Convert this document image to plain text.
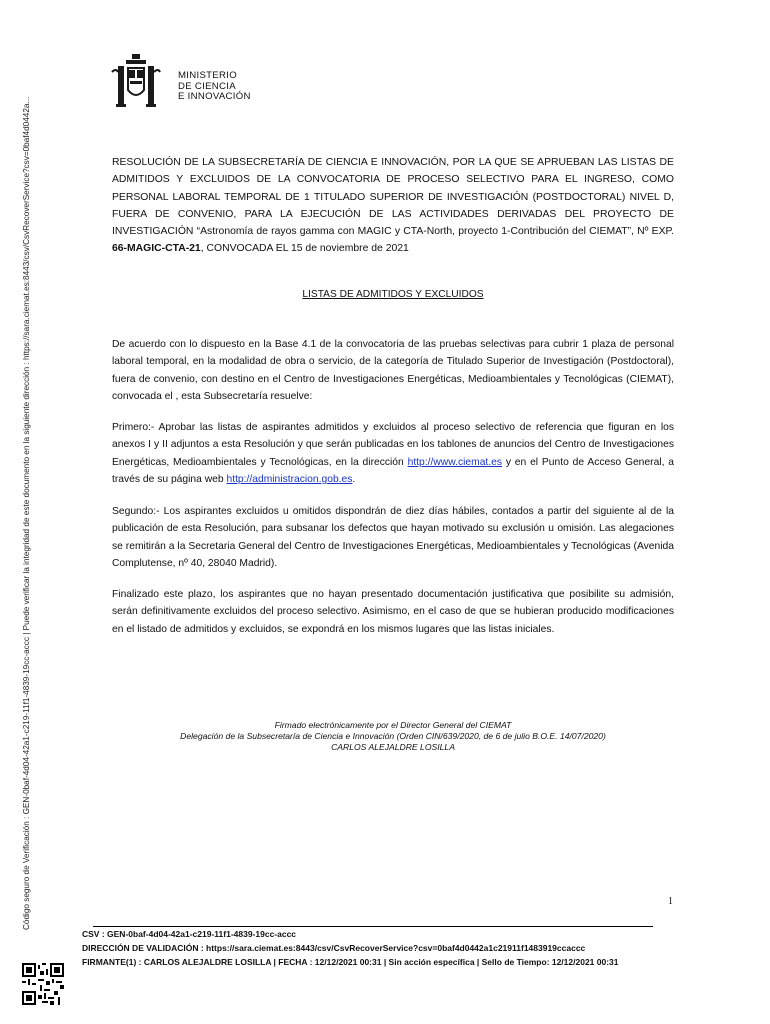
Código seguro de Verificación : GEN-0baf-4d04-42a1-c219-11f1-4839-19cc-accc | Puede verificar la integridad de este documento en la siguiente dirección : https://sara.ciemat.es:8443/csv/CsvRecoverService?csv=0baf4d0442a...
MINISTERIO
DE CIENCIA
E INNOVACIÓN
RESOLUCIÓN DE LA SUBSECRETARÍA DE CIENCIA E INNOVACIÓN, POR LA QUE SE APRUEBAN LAS LISTAS DE ADMITIDOS Y EXCLUIDOS DE LA CONVOCATORIA DE PROCESO SELECTIVO PARA EL INGRESO, COMO PERSONAL LABORAL TEMPORAL DE 1 TITULADO SUPERIOR DE INVESTIGACIÓN (POSTDOCTORAL) NIVEL D, FUERA DE CONVENIO, PARA LA EJECUCIÓN DE LAS ACTIVIDADES DERIVADAS DEL PROYECTO DE INVESTIGACIÓN “Astronomía de rayos gamma con MAGIC y CTA-North, proyecto 1-Contribución del CIEMAT”, Nº EXP. 66-MAGIC-CTA-21, CONVOCADA EL 15 de noviembre de 2021
LISTAS DE ADMITIDOS Y EXCLUIDOS
De acuerdo con lo dispuesto en la Base 4.1 de la convocatoria de las pruebas selectivas para cubrir 1 plaza de personal laboral temporal, en la modalidad de obra o servicio, de la categoría de Titulado Superior de Investigación (Postdoctoral), fuera de convenio, con destino en el Centro de Investigaciones Energéticas, Medioambientales y Tecnológicas (CIEMAT), convocada el , esta Subsecretaría resuelve:
Primero:- Aprobar las listas de aspirantes admitidos y excluidos al proceso selectivo de referencia que figuran en los anexos I y II adjuntos a esta Resolución y que serán publicadas en los tablones de anuncios del Centro de Investigaciones Energéticas, Medioambientales y Tecnológicas, en la dirección http://www.ciemat.es y en el Punto de Acceso General, a través de su página web http://administracion.gob.es.
Segundo:- Los aspirantes excluidos u omitidos dispondrán de diez días hábiles, contados a partir del siguiente al de la publicación de esta Resolución, para subsanar los defectos que hayan motivado su exclusión u omisión. Las alegaciones se remitirán a la Secretaria General del Centro de Investigaciones Energéticas, Medioambientales y Tecnológicas (Avenida Complutense, nº 40, 28040 Madrid).
Finalizado este plazo, los aspirantes que no hayan presentado documentación justificativa que posibilite su admisión, serán definitivamente excluidos del proceso selectivo. Asimismo, en el caso de que se hubieran producido modificaciones en el listado de admitidos y excluidos, se expondrá en los mismos lugares que las listas iniciales.
Firmado electrónicamente por el Director General del CIEMAT
Delegación de la Subsecretaría de Ciencia e Innovación (Orden CIN/639/2020, de 6 de julio B.O.E. 14/07/2020)
CARLOS ALEJALDRE LOSILLA
1
CSV : GEN-0baf-4d04-42a1-c219-11f1-4839-19cc-accc
DIRECCIÓN DE VALIDACIÓN : https://sara.ciemat.es:8443/csv/CsvRecoverService?csv=0baf4d0442a1c21911f1483919ccaccc
FIRMANTE(1) : CARLOS ALEJALDRE LOSILLA | FECHA : 12/12/2021 00:31 | Sin acción específica | Sello de Tiempo: 12/12/2021 00:31
